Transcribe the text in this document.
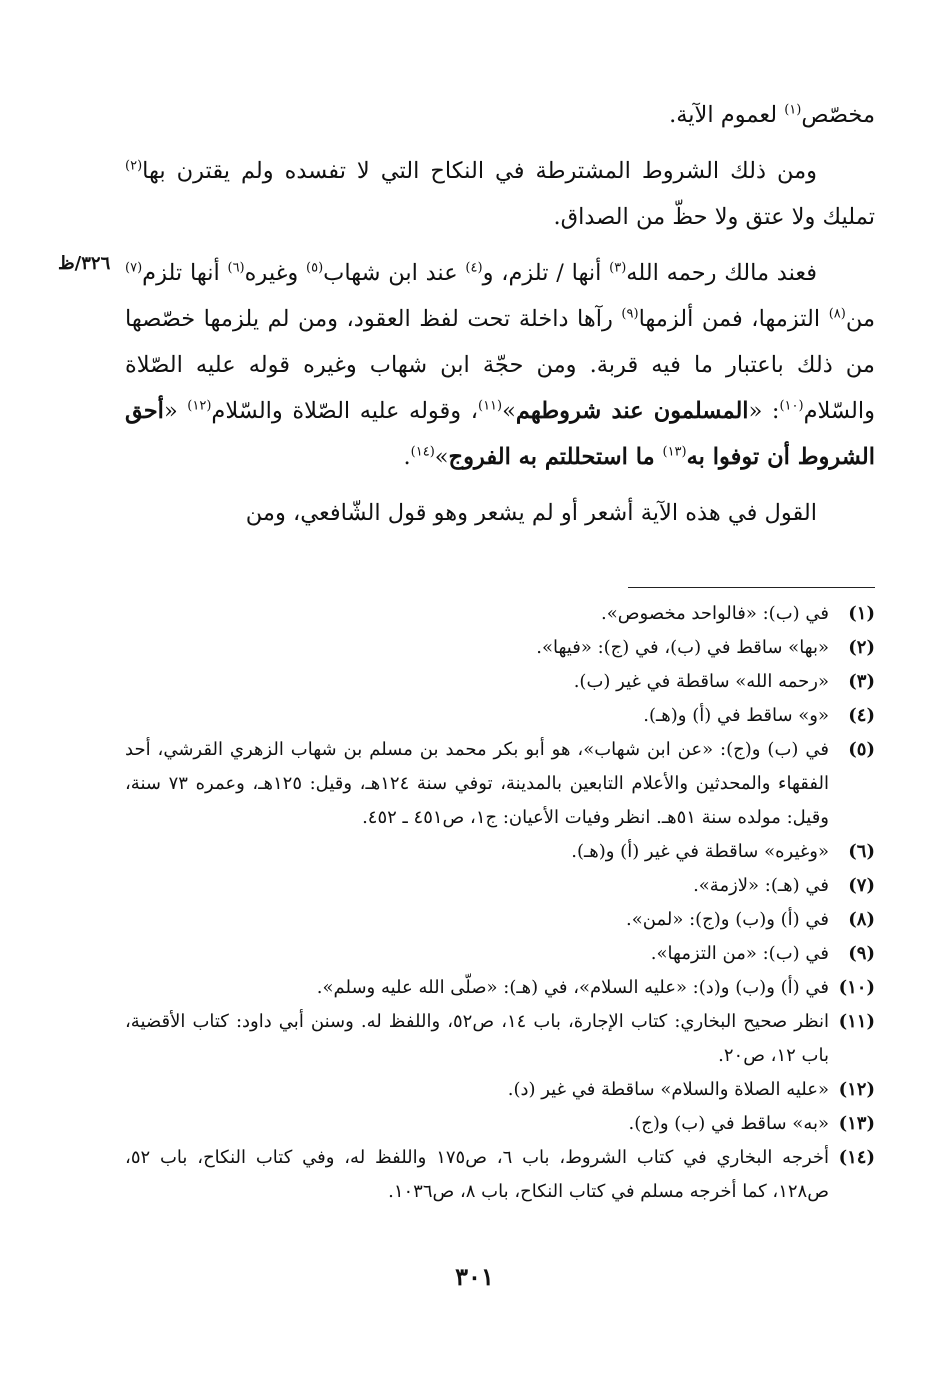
٣٢٦/ظ

مخصّص$^{(١)}$ لعموم الآية.

ومن ذلك الشروط المشترطة في النكاح التي لا تفسده ولم يقترن بها$^{(٢)}$ تمليك ولا عتق ولا حظّ من الصداق.

فعند مالك رحمه الله$^{(٣)}$ أنها / تلزم، و$^{(٤)}$ عند ابن شهاب$^{(٥)}$ وغيره$^{(٦)}$ أنها تلزم$^{(٧)}$ من$^{(٨)}$ التزمها، فمن ألزمها$^{(٩)}$ رآها داخلة تحت لفظ العقود، ومن لم يلزمها خصّصها من ذلك باعتبار ما فيه قربة. ومن حجّة ابن شهاب وغيره قوله عليه الصّلاة والسّلام$^{(١٠)}$: «المسلمون عند شروطهم»$^{(١١)}$، وقوله عليه الصّلاة والسّلام$^{(١٢)}$ «أحق الشروط أن توفوا به$^{(١٣)}$ ما استحللتم به الفروج»$^{(١٤)}$.

القول في هذه الآية أشعر أو لم يشعر وهو قول الشّافعي، ومن

(١)
في (ب): «فالواحد مخصوص».
(٢)
«بها» ساقط في (ب)، في (ج): «فيها».
(٣)
«رحمه الله» ساقطة في غير (ب).
(٤)
«و» ساقط في (أ) و(هـ).
(٥)
في (ب) و(ج): «عن ابن شهاب»، هو أبو بكر محمد بن مسلم بن شهاب الزهري القرشي، أحد الفقهاء والمحدثين والأعلام التابعين بالمدينة، توفي سنة ١٢٤هـ، وقيل: ١٢٥هـ، وعمره ٧٣ سنة، وقيل: مولده سنة ٥١هـ. انظر وفيات الأعيان: ج١، ص٤٥١ ـ ٤٥٢.
(٦)
«وغيره» ساقطة في غير (أ) و(هـ).
(٧)
في (هـ): «لازمة».
(٨)
في (أ) و(ب) و(ج): «لمن».
(٩)
في (ب): «من التزمها».
(١٠)
في (أ) و(ب) و(د): «عليه السلام»، في (هـ): «صلّى الله عليه وسلم».
(١١)
انظر صحيح البخاري: كتاب الإجارة، باب ١٤، ص٥٢، واللفظ له. وسنن أبي داود: كتاب الأقضية، باب ١٢، ص٢٠.
(١٢)
«عليه الصلاة والسلام» ساقطة في غير (د).
(١٣)
«به» ساقط في (ب) و(ج).
(١٤)
أخرجه البخاري في كتاب الشروط، باب ٦، ص١٧٥ واللفظ له، وفي كتاب النكاح، باب ٥٢، ص١٢٨، كما أخرجه مسلم في كتاب النكاح، باب ٨، ص١٠٣٦.
٣٠١
